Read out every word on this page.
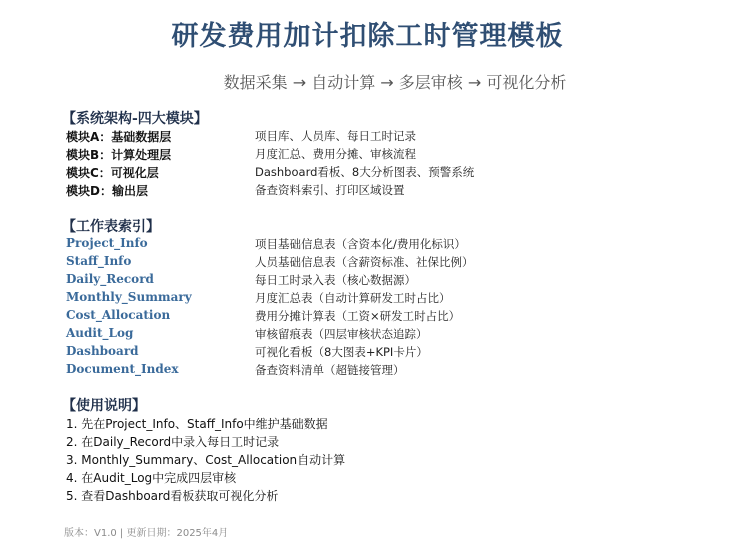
研发费用加计扣除工时管理模板
数据采集 → 自动计算 → 多层审核 → 可视化分析
【系统架构-四大模块】
模块A：基础数据层	项目库、人员库、每日工时记录
模块B：计算处理层	月度汇总、费用分摊、审核流程
模块C：可视化层	Dashboard看板、8大分析图表、预警系统
模块D：输出层	备查资料索引、打印区域设置
【工作表索引】
Project_Info	项目基础信息表（含资本化/费用化标识）
Staff_Info	人员基础信息表（含薪资标准、社保比例）
Daily_Record	每日工时录入表（核心数据源）
Monthly_Summary	月度汇总表（自动计算研发工时占比）
Cost_Allocation	费用分摊计算表（工资×研发工时占比）
Audit_Log	审核留痕表（四层审核状态追踪）
Dashboard	可视化看板（8大图表+KPI卡片）
Document_Index	备查资料清单（超链接管理）
【使用说明】
1. 先在Project_Info、Staff_Info中维护基础数据
2. 在Daily_Record中录入每日工时记录
3. Monthly_Summary、Cost_Allocation自动计算
4. 在Audit_Log中完成四层审核
5. 查看Dashboard看板获取可视化分析
版本：V1.0 | 更新日期：2025年4月
